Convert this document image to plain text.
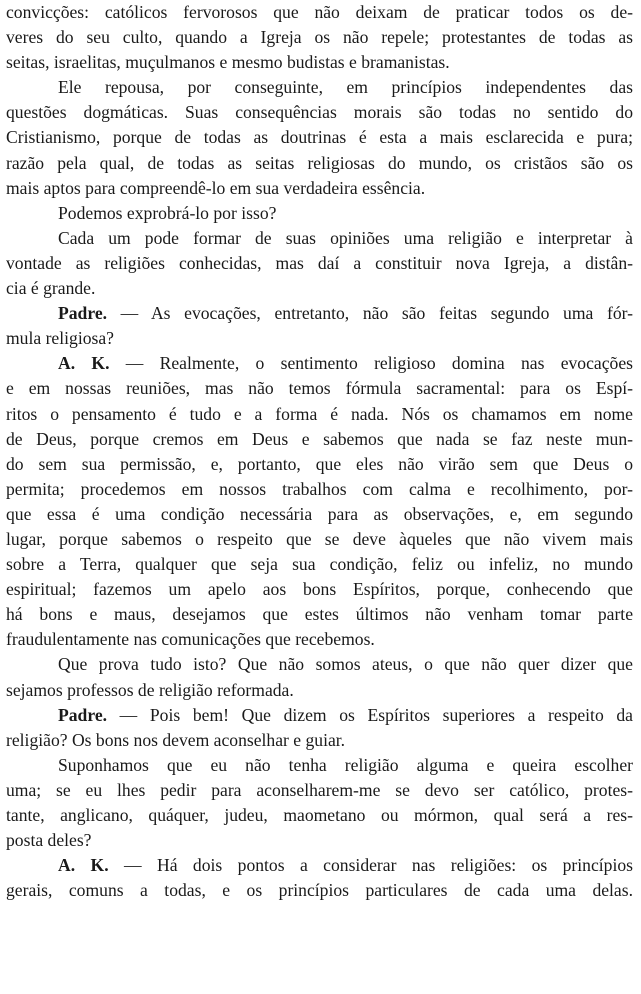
convicções: católicos fervorosos que não deixam de praticar todos os de-
veres do seu culto, quando a Igreja os não repele; protestantes de todas as
seitas, israelitas, muçulmanos e mesmo budistas e bramanistas.
Ele repousa, por conseguinte, em princípios independentes das
questões dogmáticas. Suas consequências morais são todas no sentido do
Cristianismo, porque de todas as doutrinas é esta a mais esclarecida e pura;
razão pela qual, de todas as seitas religiosas do mundo, os cristãos são os
mais aptos para compreendê-lo em sua verdadeira essência.
Podemos exprobrá-lo por isso?
Cada um pode formar de suas opiniões uma religião e interpretar à
vontade as religiões conhecidas, mas daí a constituir nova Igreja, a distân-
cia é grande.
Padre. — As evocações, entretanto, não são feitas segundo uma fór-
mula religiosa?
A. K. — Realmente, o sentimento religioso domina nas evocações
e em nossas reuniões, mas não temos fórmula sacramental: para os Espí-
ritos o pensamento é tudo e a forma é nada. Nós os chamamos em nome
de Deus, porque cremos em Deus e sabemos que nada se faz neste mun-
do sem sua permissão, e, portanto, que eles não virão sem que Deus o
permita; procedemos em nossos trabalhos com calma e recolhimento, por-
que essa é uma condição necessária para as observações, e, em segundo
lugar, porque sabemos o respeito que se deve àqueles que não vivem mais
sobre a Terra, qualquer que seja sua condição, feliz ou infeliz, no mundo
espiritual; fazemos um apelo aos bons Espíritos, porque, conhecendo que
há bons e maus, desejamos que estes últimos não venham tomar parte
fraudulentamente nas comunicações que recebemos.
Que prova tudo isto? Que não somos ateus, o que não quer dizer que
sejamos professos de religião reformada.
Padre. — Pois bem! Que dizem os Espíritos superiores a respeito da
religião? Os bons nos devem aconselhar e guiar.
Suponhamos que eu não tenha religião alguma e queira escolher
uma; se eu lhes pedir para aconselharem-me se devo ser católico, protes-
tante, anglicano, quáquer, judeu, maometano ou mórmon, qual será a res-
posta deles?
A. K. — Há dois pontos a considerar nas religiões: os princípios
gerais, comuns a todas, e os princípios particulares de cada uma delas.
